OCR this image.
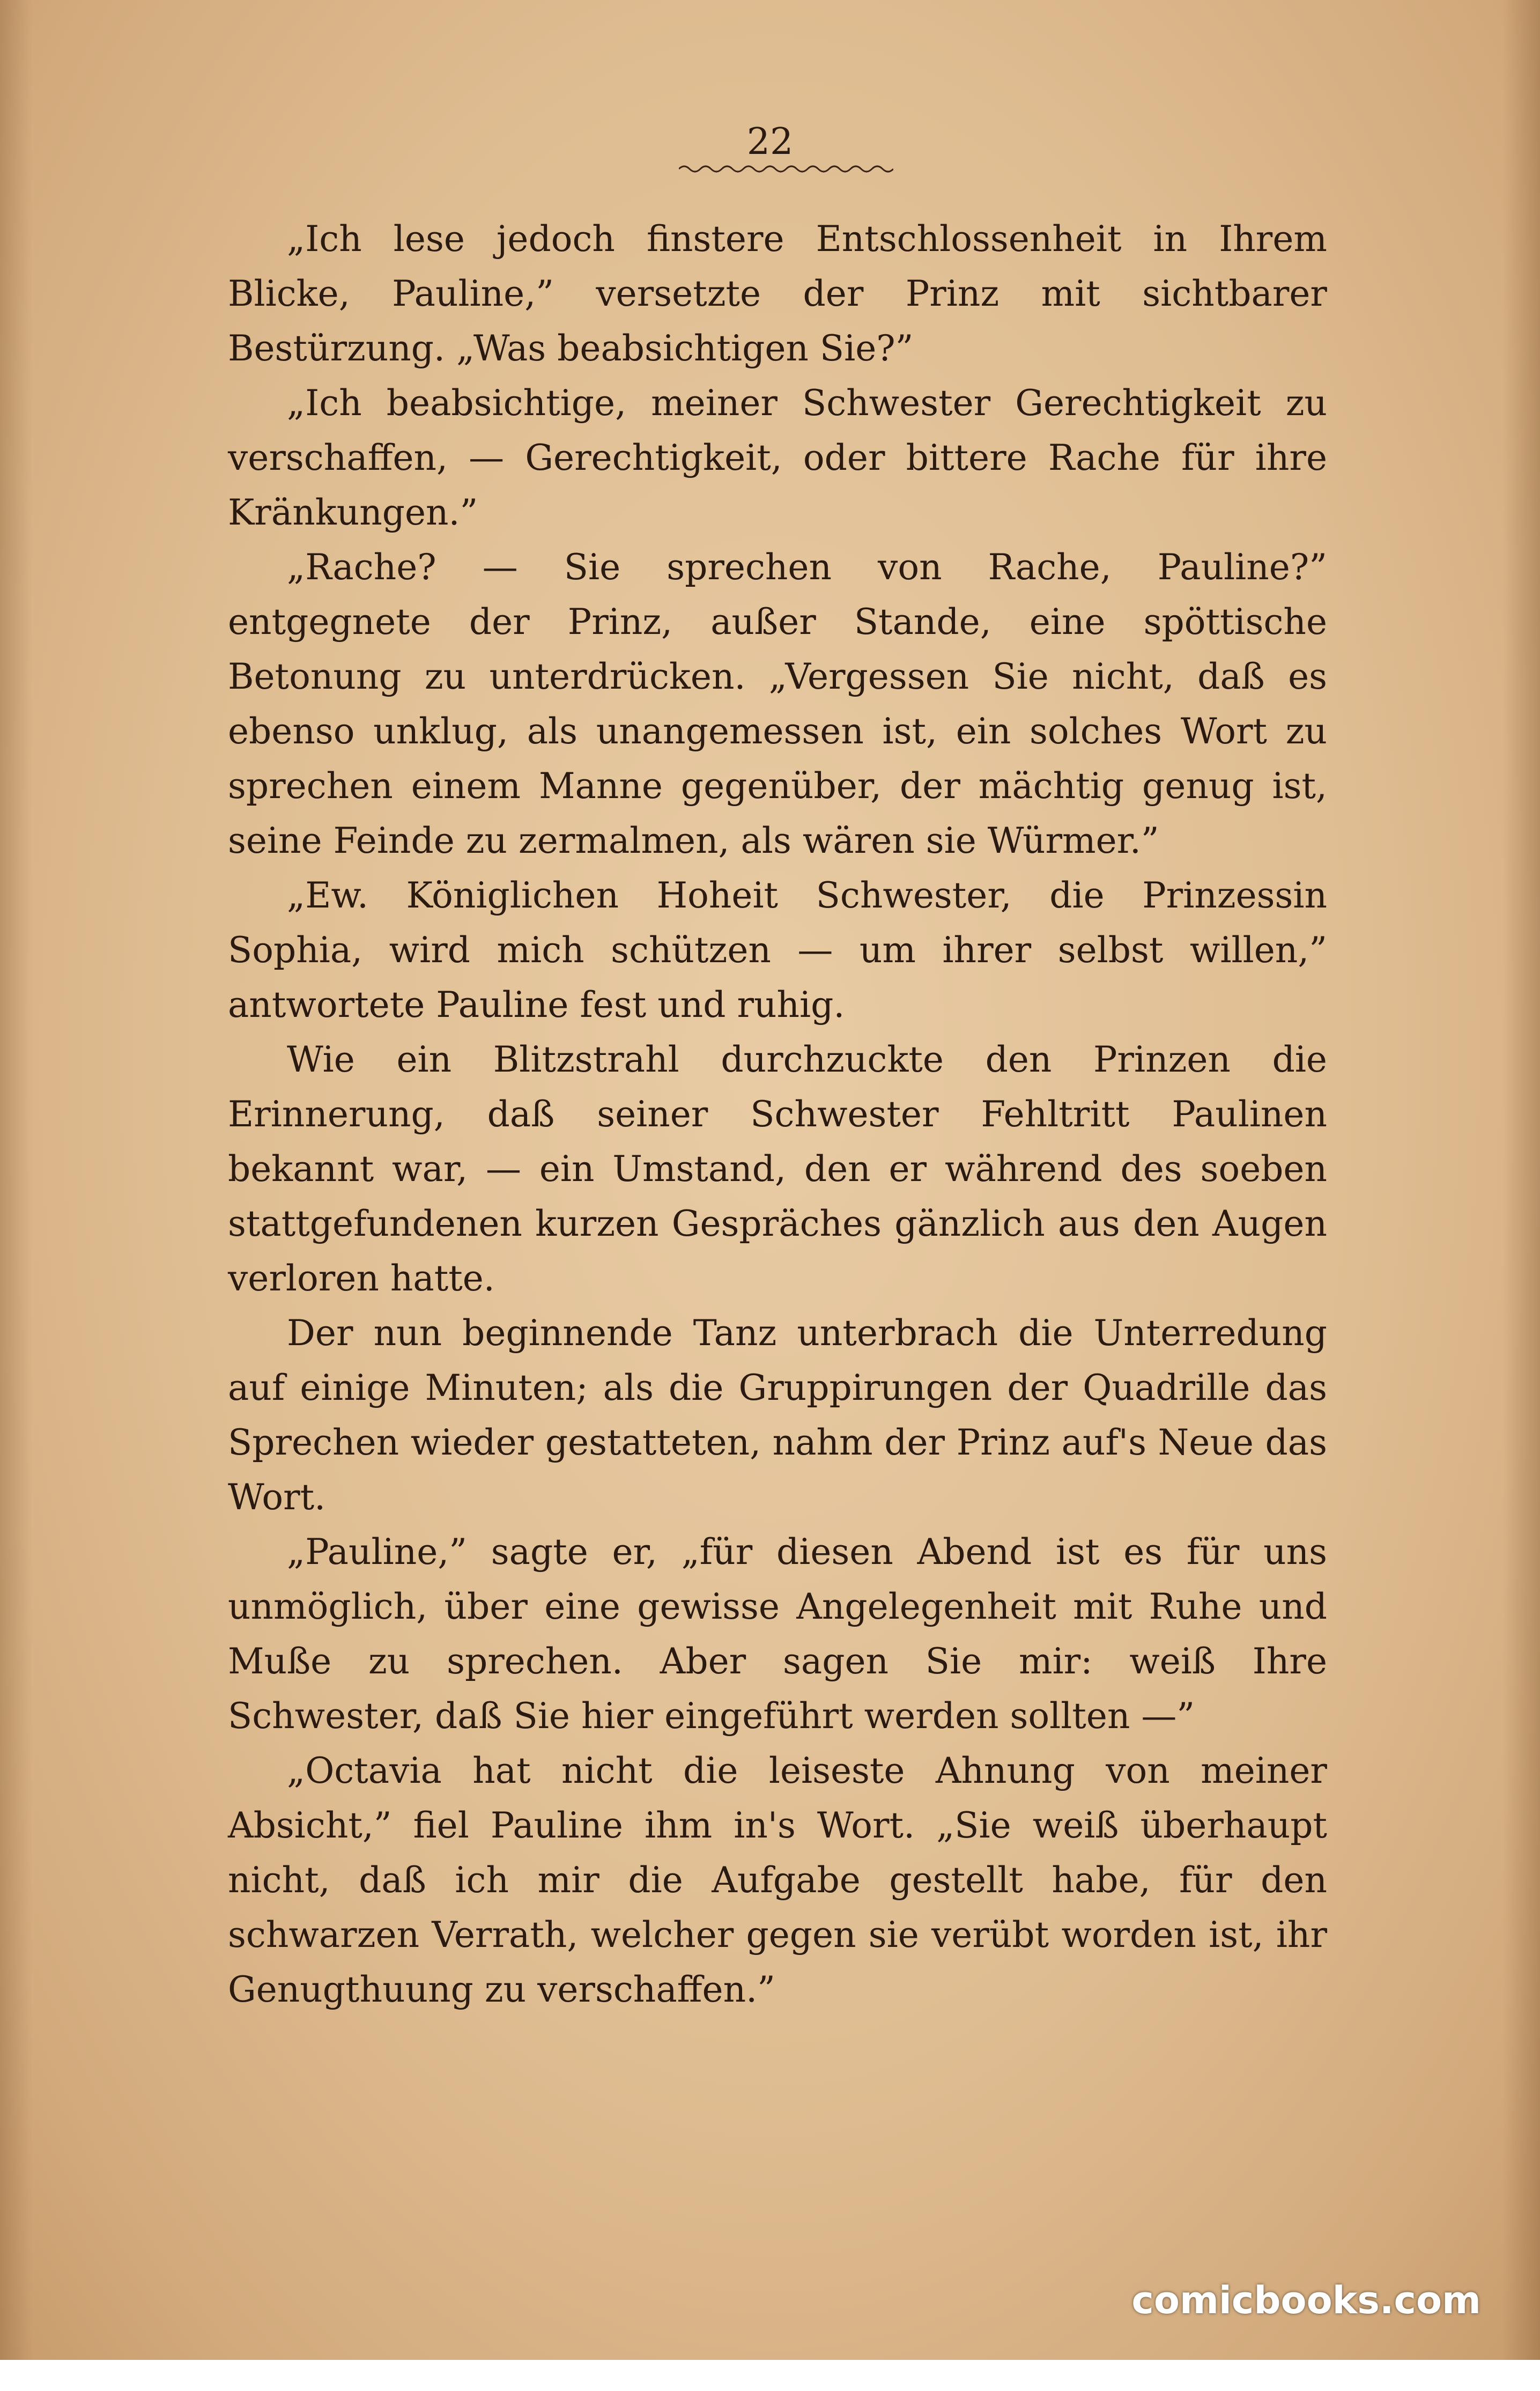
22

„Ich lese jedoch finstere Entschlossenheit in Ihrem Blicke, Pauline,” versetzte der Prinz mit sichtbarer Bestürzung. „Was beabsichtigen Sie?”

„Ich beabsichtige, meiner Schwester Gerechtigkeit zu verschaffen, — Gerechtigkeit, oder bittere Rache für ihre Kränkungen.”

„Rache? — Sie sprechen von Rache, Pauline?” entgegnete der Prinz, außer Stande, eine spöttische Betonung zu unterdrücken. „Vergessen Sie nicht, daß es ebenso unklug, als unangemessen ist, ein solches Wort zu sprechen einem Manne gegenüber, der mächtig genug ist, seine Feinde zu zermalmen, als wären sie Würmer.”

„Ew. Königlichen Hoheit Schwester, die Prinzessin Sophia, wird mich schützen — um ihrer selbst willen,” antwortete Pauline fest und ruhig.

Wie ein Blitzstrahl durchzuckte den Prinzen die Erinnerung, daß seiner Schwester Fehltritt Paulinen bekannt war, — ein Umstand, den er während des soeben stattgefundenen kurzen Gespräches gänzlich aus den Augen verloren hatte.

Der nun beginnende Tanz unterbrach die Unterredung auf einige Minuten; als die Gruppirungen der Quadrille das Sprechen wieder gestatteten, nahm der Prinz auf's Neue das Wort.

„Pauline,” sagte er, „für diesen Abend ist es für uns unmöglich, über eine gewisse Angelegenheit mit Ruhe und Muße zu sprechen. Aber sagen Sie mir: weiß Ihre Schwester, daß Sie hier eingeführt werden sollten —”

„Octavia hat nicht die leiseste Ahnung von meiner Absicht,” fiel Pauline ihm in's Wort. „Sie weiß überhaupt nicht, daß ich mir die Aufgabe gestellt habe, für den schwarzen Verrath, welcher gegen sie verübt worden ist, ihr Genugthuung zu verschaffen.”

comicbooks.com
